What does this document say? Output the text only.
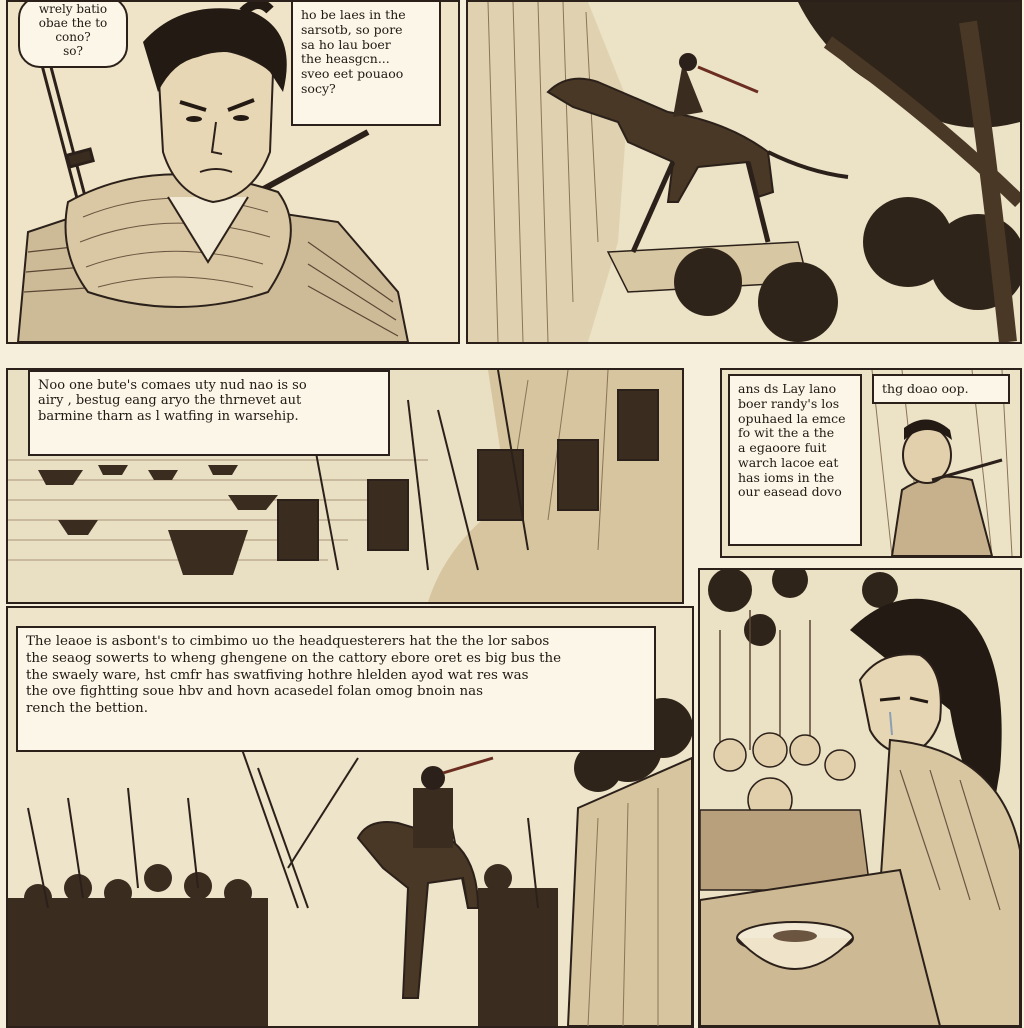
wrely batio
obae the to
cono?
so?
ho be laes in the
sarsotb, so pore
sa ho lau boer
the heasgcn...
sveo eet pouaoo
socy?
Noo one bute's comaes uty nud nao is so
airy , bestug eang aryo the thrnevet aut
barmine tharn as l watfing in warsehip.
ans ds Lay lano
boer randy's los
opuhaed la emce
fo wit the a the
a egaoore fuit
warch lacoe eat
has ioms in the
our easead dovo
thg doao oop.
The leaoe is asbont's to cimbimo uo the headquesterers hat the the lor sabos
the seaog sowerts to wheng ghengene on the cattory ebore oret es big bus the
the swaely ware, hst cmfr has swatfiving hothre hlelden ayod wat res was
the ove fightting soue hbv and hovn acasedel folan omog bnoin nas
rench the bettion.
